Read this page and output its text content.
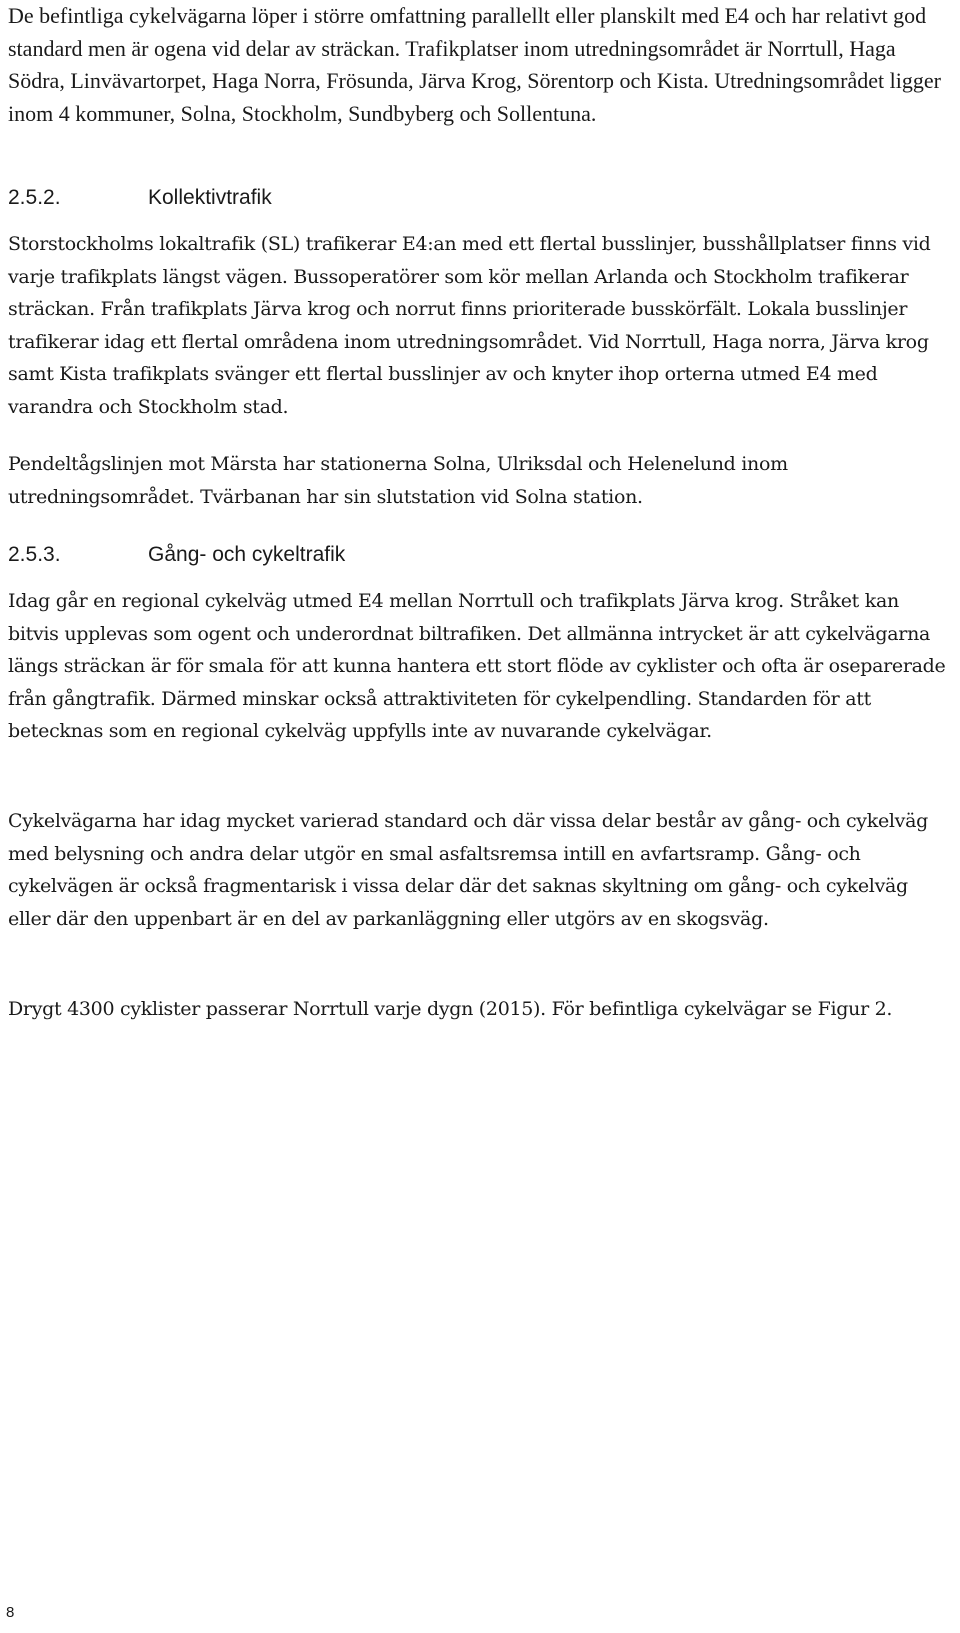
De befintliga cykelvägarna löper i större omfattning parallellt eller planskilt med E4 och har relativt god standard men är ogena vid delar av sträckan. Trafikplatser inom utredningsområdet är Norrtull, Haga Södra, Linvävartorpet, Haga Norra, Frösunda, Järva Krog, Sörentorp och Kista. Utredningsområdet ligger inom 4 kommuner, Solna, Stockholm, Sundbyberg och Sollentuna.

2.5.2.	Kollektivtrafik

Storstockholms lokaltrafik (SL) trafikerar E4:an med ett flertal busslinjer, busshållplatser finns vid varje trafikplats längst vägen. Bussoperatörer som kör mellan Arlanda och Stockholm trafikerar sträckan. Från trafikplats Järva krog och norrut finns prioriterade busskörfält. Lokala busslinjer trafikerar idag ett flertal områdena inom utredningsområdet. Vid Norrtull, Haga norra, Järva krog samt Kista trafikplats svänger ett flertal busslinjer av och knyter ihop orterna utmed E4 med varandra och Stockholm stad.

Pendeltågslinjen mot Märsta har stationerna Solna, Ulriksdal och Helenelund inom utredningsområdet. Tvärbanan har sin slutstation vid Solna station.

2.5.3.	Gång- och cykeltrafik

Idag går en regional cykelväg utmed E4 mellan Norrtull och trafikplats Järva krog. Stråket kan bitvis upplevas som ogent och underordnat biltrafiken. Det allmänna intrycket är att cykelvägarna längs sträckan är för smala för att kunna hantera ett stort flöde av cyklister och ofta är oseparerade från gångtrafik. Därmed minskar också attraktiviteten för cykelpendling. Standarden för att betecknas som en regional cykelväg uppfylls inte av nuvarande cykelvägar.

Cykelvägarna har idag mycket varierad standard och där vissa delar består av gång- och cykelväg med belysning och andra delar utgör en smal asfaltsremsa intill en avfartsramp. Gång- och cykelvägen är också fragmentarisk i vissa delar där det saknas skyltning om gång- och cykelväg eller där den uppenbart är en del av parkanläggning eller utgörs av en skogsväg.

Drygt 4300 cyklister passerar Norrtull varje dygn (2015). För befintliga cykelvägar se Figur 2.

8
